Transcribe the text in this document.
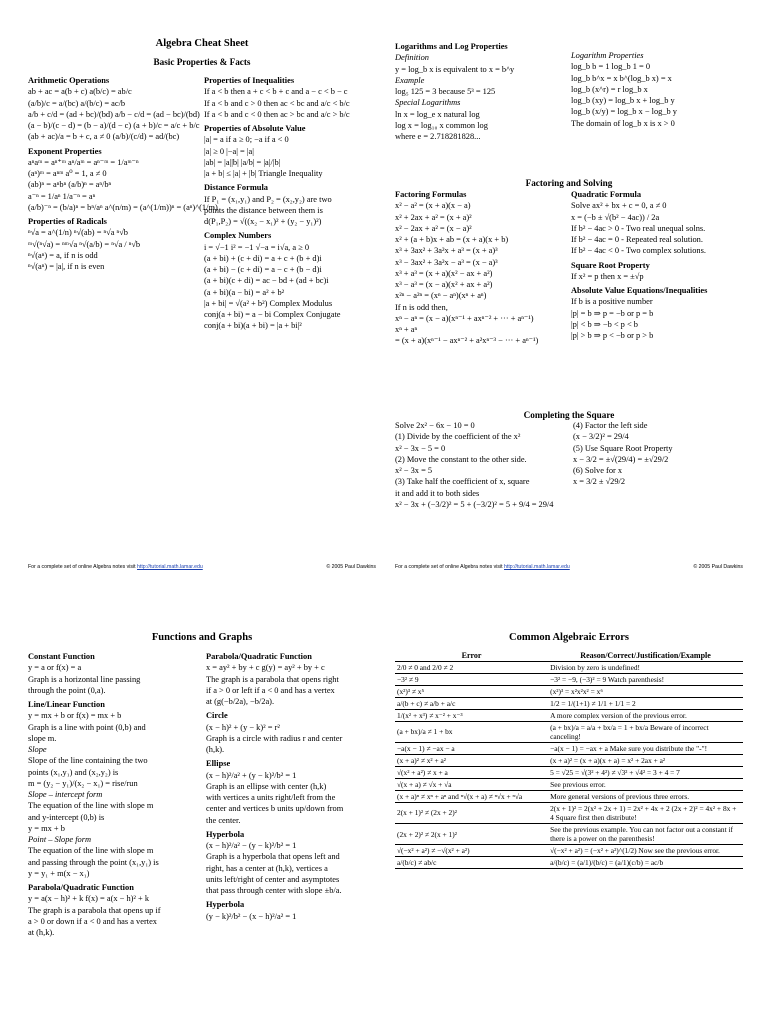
Algebra Cheat Sheet
Basic Properties & Facts
Arithmetic Operations
ab + ac = a(b + c) a(b/c) = ab/c
(a/b)/c = a/(bc) a/(b/c) = ac/b
a/b + c/d = (ad + bc)/(bd) a/b − c/d = (ad − bc)/(bd)
(a − b)/(c − d) = (b − a)/(d − c) (a + b)/c = a/c + b/c
(ab + ac)/a = b + c, a ≠ 0 (a/b)/(c/d) = ad/(bc)
Exponent Properties
aⁿaᵐ = aⁿ⁺ᵐ aⁿ/aᵐ = aⁿ⁻ᵐ = 1/aᵐ⁻ⁿ
(aⁿ)ᵐ = aⁿᵐ a⁰ = 1, a ≠ 0
(ab)ⁿ = aⁿbⁿ (a/b)ⁿ = aⁿ/bⁿ
a⁻ⁿ = 1/aⁿ 1/a⁻ⁿ = aⁿ
(a/b)⁻ⁿ = (b/a)ⁿ = bⁿ/aⁿ a^(n/m) = (a^(1/m))ⁿ = (aⁿ)^(1/m)
Properties of Radicals
ⁿ√a = a^(1/n) ⁿ√(ab) = ⁿ√a ⁿ√b
ᵐ√(ⁿ√a) = ⁿᵐ√a ⁿ√(a/b) = ⁿ√a / ⁿ√b
ⁿ√(aⁿ) = a, if n is odd
ⁿ√(aⁿ) = |a|, if n is even
Properties of Inequalities
If a < b then a + c < b + c and a − c < b − c
If a < b and c > 0 then ac < bc and a/c < b/c
If a < b and c < 0 then ac > bc and a/c > b/c
Properties of Absolute Value
|a| = a if a ≥ 0; −a if a < 0
|a| ≥ 0 |−a| = |a|
|ab| = |a||b| |a/b| = |a|/|b|
|a + b| ≤ |a| + |b| Triangle Inequality
Distance Formula
If P₁ = (x₁,y₁) and P₂ = (x₂,y₂) are two
points the distance between them is
d(P₁,P₂) = √((x₂ − x₁)² + (y₂ − y₁)²)
Complex Numbers
i = √−1 i² = −1 √−a = i√a, a ≥ 0
(a + bi) + (c + di) = a + c + (b + d)i
(a + bi) − (c + di) = a − c + (b − d)i
(a + bi)(c + di) = ac − bd + (ad + bc)i
(a + bi)(a − bi) = a² + b²
|a + bi| = √(a² + b²) Complex Modulus
conj(a + bi) = a − bi Complex Conjugate
conj(a + bi)(a + bi) = |a + bi|²
For a complete set of online Algebra notes visit http://tutorial.math.lamar.edu	© 2005 Paul Dawkins
Logarithms and Log Properties
Definition
y = log_b x is equivalent to x = b^y
Example
log₅ 125 = 3 because 5³ = 125
Special Logarithms
ln x = log_e x natural log
log x = log₁₀ x common log
where e = 2.718281828...
Logarithm Properties
log_b b = 1 log_b 1 = 0
log_b b^x = x b^(log_b x) = x
log_b (x^r) = r log_b x
log_b (xy) = log_b x + log_b y
log_b (x/y) = log_b x − log_b y
The domain of log_b x is x > 0
Factoring and Solving
Factoring Formulas
x² − a² = (x + a)(x − a)
x² + 2ax + a² = (x + a)²
x² − 2ax + a² = (x − a)²
x² + (a + b)x + ab = (x + a)(x + b)
x³ + 3ax² + 3a²x + a³ = (x + a)³
x³ − 3ax² + 3a²x − a³ = (x − a)³
x³ + a³ = (x + a)(x² − ax + a²)
x³ − a³ = (x − a)(x² + ax + a²)
x²ⁿ − a²ⁿ = (xⁿ − aⁿ)(xⁿ + aⁿ)
If n is odd then,
xⁿ − aⁿ = (x − a)(xⁿ⁻¹ + axⁿ⁻² + ··· + aⁿ⁻¹)
xⁿ + aⁿ
= (x + a)(xⁿ⁻¹ − axⁿ⁻² + a²xⁿ⁻³ − ··· + aⁿ⁻¹)
Quadratic Formula
Solve ax² + bx + c = 0, a ≠ 0
x = (−b ± √(b² − 4ac)) / 2a
If b² − 4ac > 0 - Two real unequal solns.
If b² − 4ac = 0 - Repeated real solution.
If b² − 4ac < 0 - Two complex solutions.
Square Root Property
If x² = p then x = ±√p
Absolute Value Equations/Inequalities
If b is a positive number
|p| = b ⇒ p = −b or p = b
|p| < b ⇒ −b < p < b
|p| > b ⇒ p < −b or p > b
Completing the Square
Solve 2x² − 6x − 10 = 0
(1) Divide by the coefficient of the x²
x² − 3x − 5 = 0
(2) Move the constant to the other side.
x² − 3x = 5
(3) Take half the coefficient of x, square
it and add it to both sides
x² − 3x + (−3/2)² = 5 + (−3/2)² = 5 + 9/4 = 29/4
(4) Factor the left side
(x − 3/2)² = 29/4
(5) Use Square Root Property
x − 3/2 = ±√(29/4) = ±√29/2
(6) Solve for x
x = 3/2 ± √29/2
For a complete set of online Algebra notes visit http://tutorial.math.lamar.edu	© 2005 Paul Dawkins
Functions and Graphs
Constant Function
y = a or f(x) = a
Graph is a horizontal line passing
through the point (0,a).
Line/Linear Function
y = mx + b or f(x) = mx + b
Graph is a line with point (0,b) and
slope m.
Slope
Slope of the line containing the two
points (x₁,y₁) and (x₂,y₂) is
m = (y₂ − y₁)/(x₂ − x₁) = rise/run
Slope – intercept form
The equation of the line with slope m
and y-intercept (0,b) is
y = mx + b
Point – Slope form
The equation of the line with slope m
and passing through the point (x₁,y₁) is
y = y₁ + m(x − x₁)
Parabola/Quadratic Function
y = a(x − h)² + k f(x) = a(x − h)² + k
The graph is a parabola that opens up if
a > 0 or down if a < 0 and has a vertex
at (h,k).
Parabola/Quadratic Function
x = ay² + by + c g(y) = ay² + by + c
The graph is a parabola that opens right
if a > 0 or left if a < 0 and has a vertex
at (g(−b/2a), −b/2a).
Circle
(x − h)² + (y − k)² = r²
Graph is a circle with radius r and center
(h,k).
Ellipse
(x − h)²/a² + (y − k)²/b² = 1
Graph is an ellipse with center (h,k)
with vertices a units right/left from the
center and vertices b units up/down from
the center.
Hyperbola
(x − h)²/a² − (y − k)²/b² = 1
Graph is a hyperbola that opens left and
right, has a center at (h,k), vertices a
units left/right of center and asymptotes
that pass through center with slope ±b/a.
Hyperbola
(y − k)²/b² − (x − h)²/a² = 1
Common Algebraic Errors
Error	Reason/Correct/Justification/Example
2/0 ≠ 0 and 2/0 ≠ 2	Division by zero is undefined!
−3² ≠ 9	−3² = −9, (−3)² = 9 Watch parenthesis!
(x²)³ ≠ x⁵	(x²)³ = x²x²x² = x⁶
a/(b + c) ≠ a/b + a/c	1/2 = 1/(1+1) ≠ 1/1 + 1/1 = 2
1/(x² + x³) ≠ x⁻² + x⁻³	A more complex version of the previous error.
(a + bx)/a ≠ 1 + bx	(a + bx)/a = a/a + bx/a = 1 + bx/a Beware of incorrect canceling!
−a(x − 1) ≠ −ax − a	−a(x − 1) = −ax + a Make sure you distribute the "-"!
(x + a)² ≠ x² + a²	(x + a)² = (x + a)(x + a) = x² + 2ax + a²
√(x² + a²) ≠ x + a	5 = √25 = √(3² + 4²) ≠ √3² + √4² = 3 + 4 = 7
√(x + a) ≠ √x + √a	See previous error.
(x + a)ⁿ ≠ xⁿ + aⁿ and ⁿ√(x + a) ≠ ⁿ√x + ⁿ√a	More general versions of previous three errors.
2(x + 1)² ≠ (2x + 2)²	2(x + 1)² = 2(x² + 2x + 1) = 2x² + 4x + 2 (2x + 2)² = 4x² + 8x + 4 Square first then distribute!
(2x + 2)² ≠ 2(x + 1)²	See the previous example. You can not factor out a constant if there is a power on the parenthesis!
√(−x² + a²) ≠ −√(x² + a²)	√(−x² + a²) = (−x² + a²)^(1/2) Now see the previous error.
a/(b/c) ≠ ab/c	a/(b/c) = (a/1)/(b/c) = (a/1)(c/b) = ac/b
